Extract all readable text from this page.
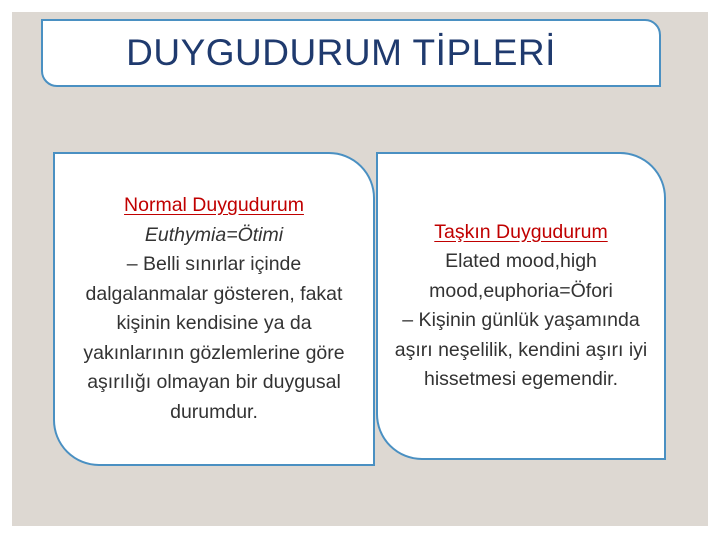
DUYGUDURUM TİPLERİ
Normal Duygudurum
Euthymia=Ötimi
– Belli sınırlar içinde dalgalanmalar gösteren, fakat kişinin kendisine ya da yakınlarının gözlemlerine göre aşırılığı olmayan bir duygusal durumdur.
Taşkın Duygudurum
Elated mood,high mood,euphoria=Öfori
– Kişinin günlük yaşamında aşırı neşelilik, kendini aşırı iyi hissetmesi egemendir.
